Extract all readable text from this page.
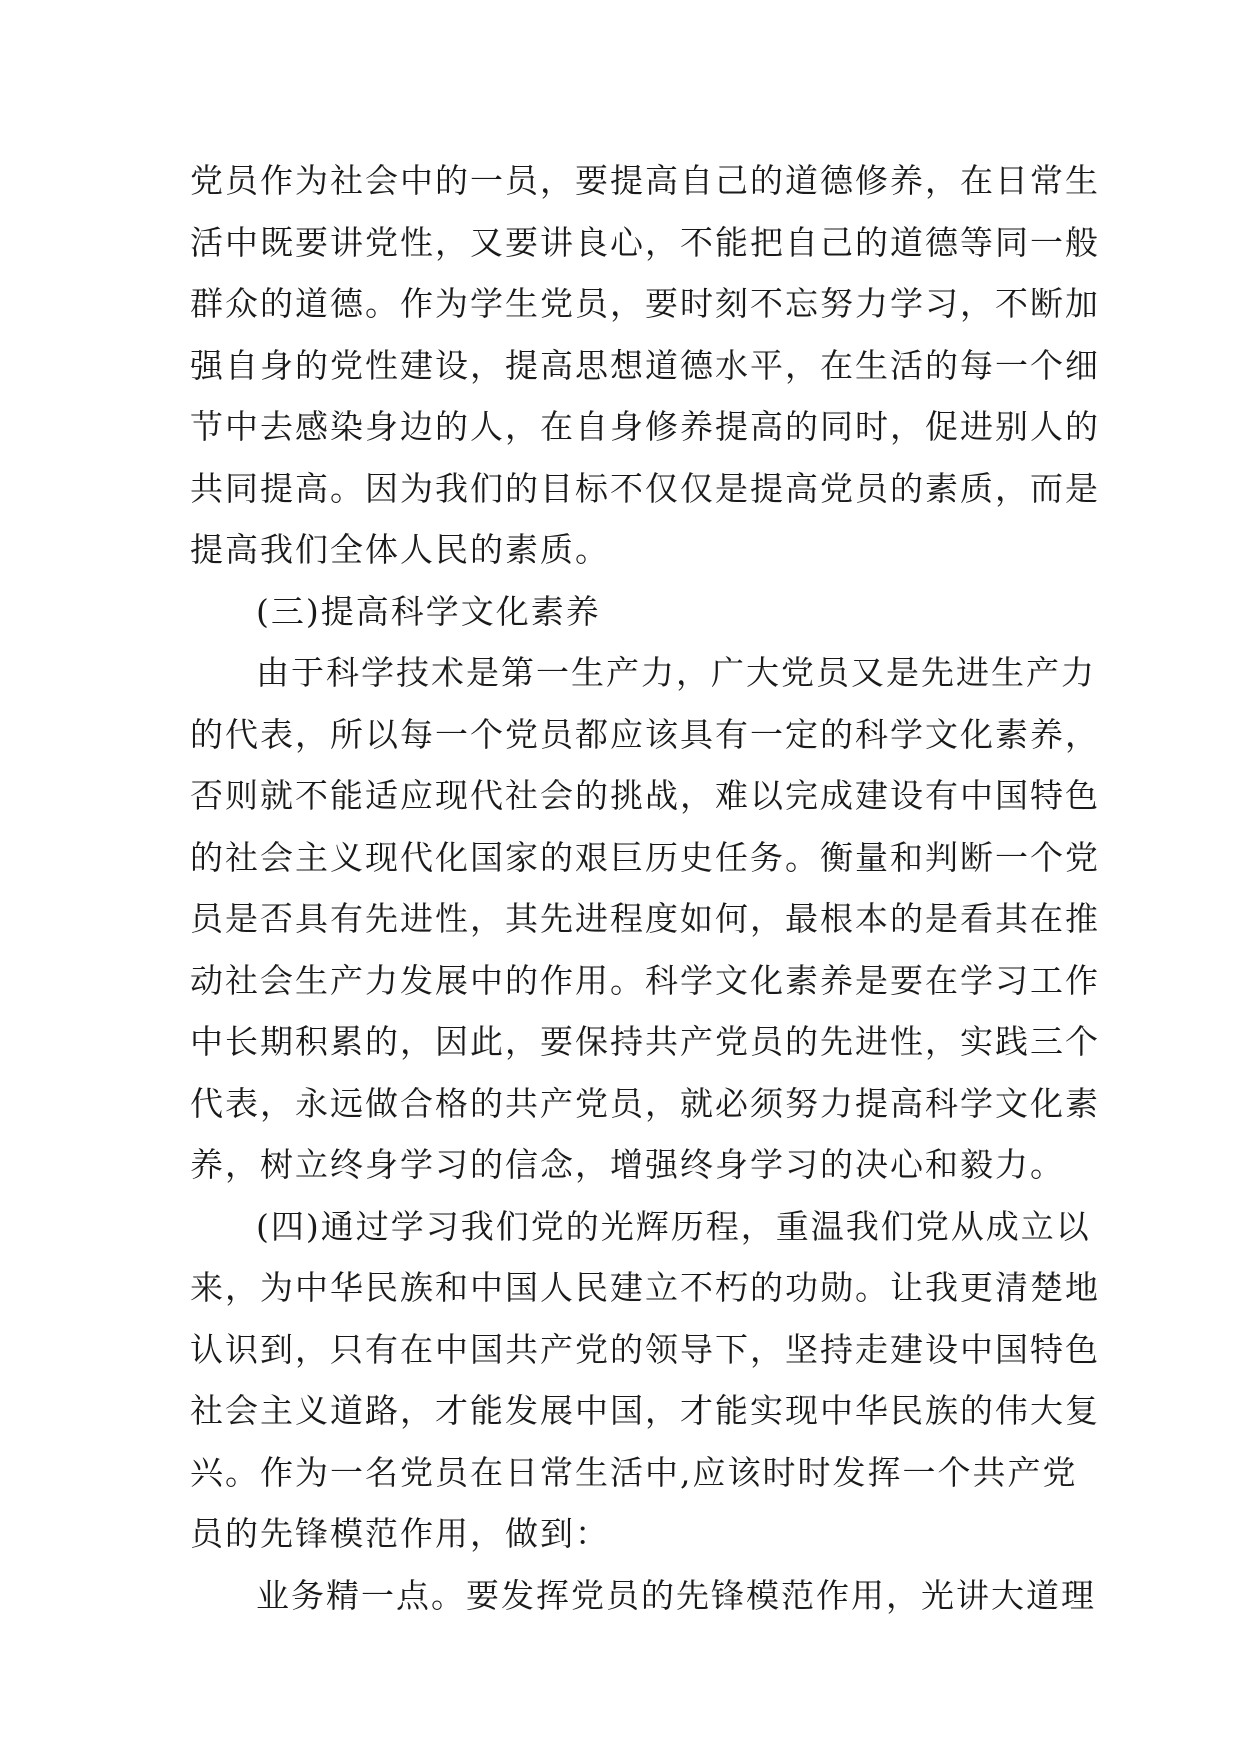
党员作为社会中的一员，要提高自己的道德修养，在日常生
活中既要讲党性，又要讲良心，不能把自己的道德等同一般
群众的道德。作为学生党员，要时刻不忘努力学习，不断加
强自身的党性建设，提高思想道德水平，在生活的每一个细
节中去感染身边的人，在自身修养提高的同时，促进别人的
共同提高。因为我们的目标不仅仅是提高党员的素质，而是
提高我们全体人民的素质。
(三)提高科学文化素养
由于科学技术是第一生产力，广大党员又是先进生产力
的代表，所以每一个党员都应该具有一定的科学文化素养，
否则就不能适应现代社会的挑战，难以完成建设有中国特色
的社会主义现代化国家的艰巨历史任务。衡量和判断一个党
员是否具有先进性，其先进程度如何，最根本的是看其在推
动社会生产力发展中的作用。科学文化素养是要在学习工作
中长期积累的，因此，要保持共产党员的先进性，实践三个
代表，永远做合格的共产党员，就必须努力提高科学文化素
养，树立终身学习的信念，增强终身学习的决心和毅力。
(四)通过学习我们党的光辉历程，重温我们党从成立以
来，为中华民族和中国人民建立不朽的功勋。让我更清楚地
认识到，只有在中国共产党的领导下，坚持走建设中国特色
社会主义道路，才能发展中国，才能实现中华民族的伟大复
兴。作为一名党员在日常生活中,应该时时发挥一个共产党
员的先锋模范作用，做到：
业务精一点。要发挥党员的先锋模范作用，光讲大道理
